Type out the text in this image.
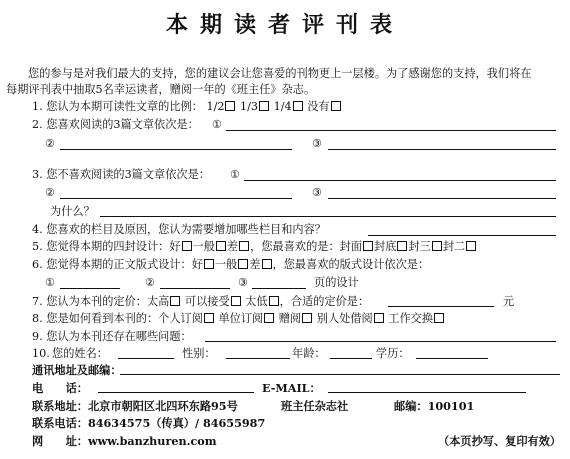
本期读者评刊表
您的参与是对我们最大的支持，您的建议会让您喜爱的刊物更上一层楼。为了感谢您的支持，我们将在
每期评刊表中抽取5名幸运读者，赠阅一年的《班主任》杂志。
1. 您认为本期可读性文章的比例： 1/2 1/3 1/4 没有
2. 您喜欢阅读的3篇文章依次是： ①
②	③
3. 您不喜欢阅读的3篇文章依次是： ①
②	③
为什么？
4. 您喜欢的栏目及原因，您认为需要增加哪些栏目和内容？
5. 您觉得本期的四封设计：好 一般 差 ，您最喜欢的是：封面 封底 封三 封二
6. 您觉得本期的正文版式设计：好 一般 差 ，您最喜欢的版式设计依次是：
①	②	③	页的设计
7. 您认为本刊的定价：太高 可以接受 太低 ，合适的定价是：	元
8. 您是如何看到本刊的：个人订阅 单位订阅 赠阅 别人处借阅 工作交换
9. 您认为本刊还存在哪些问题：
10. 您的姓名：	性别：	年龄：	学历：
通讯地址及邮编：
电　　话：	E-MAIL：
联系地址：北京市朝阳区北四环东路95号	班主任杂志社	邮编：100101
联系电话：84634575（传真）/ 84655987
网　　址：www.banzhuren.com	（本页抄写、复印有效）
